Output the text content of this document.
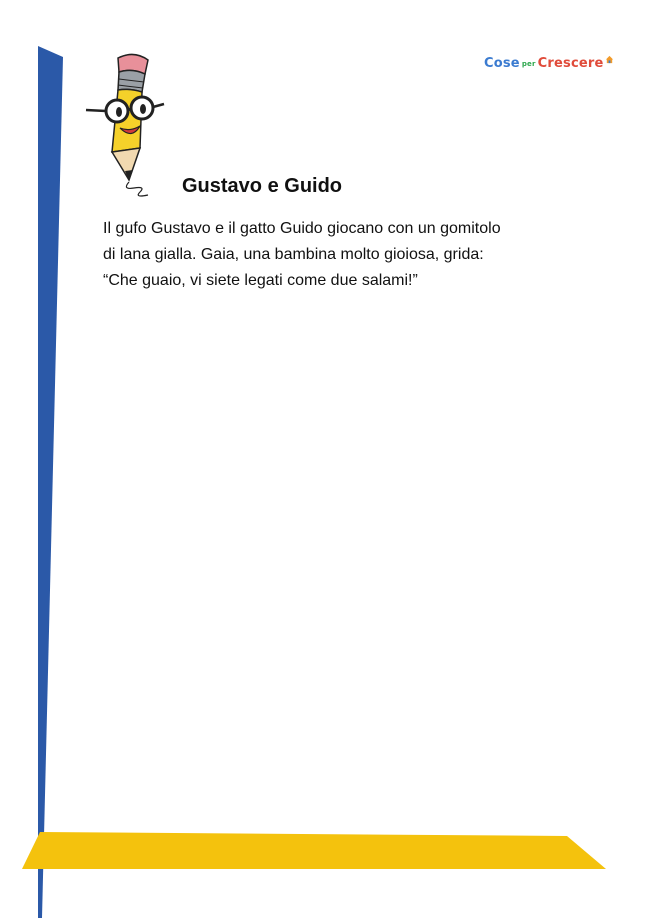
Cose per Crescere
Gustavo e Guido

Il gufo Gustavo e il gatto Guido giocano con un gomitolo
di lana gialla. Gaia, una bambina molto gioiosa, grida:
“Che guaio, vi siete legati come due salami!”
